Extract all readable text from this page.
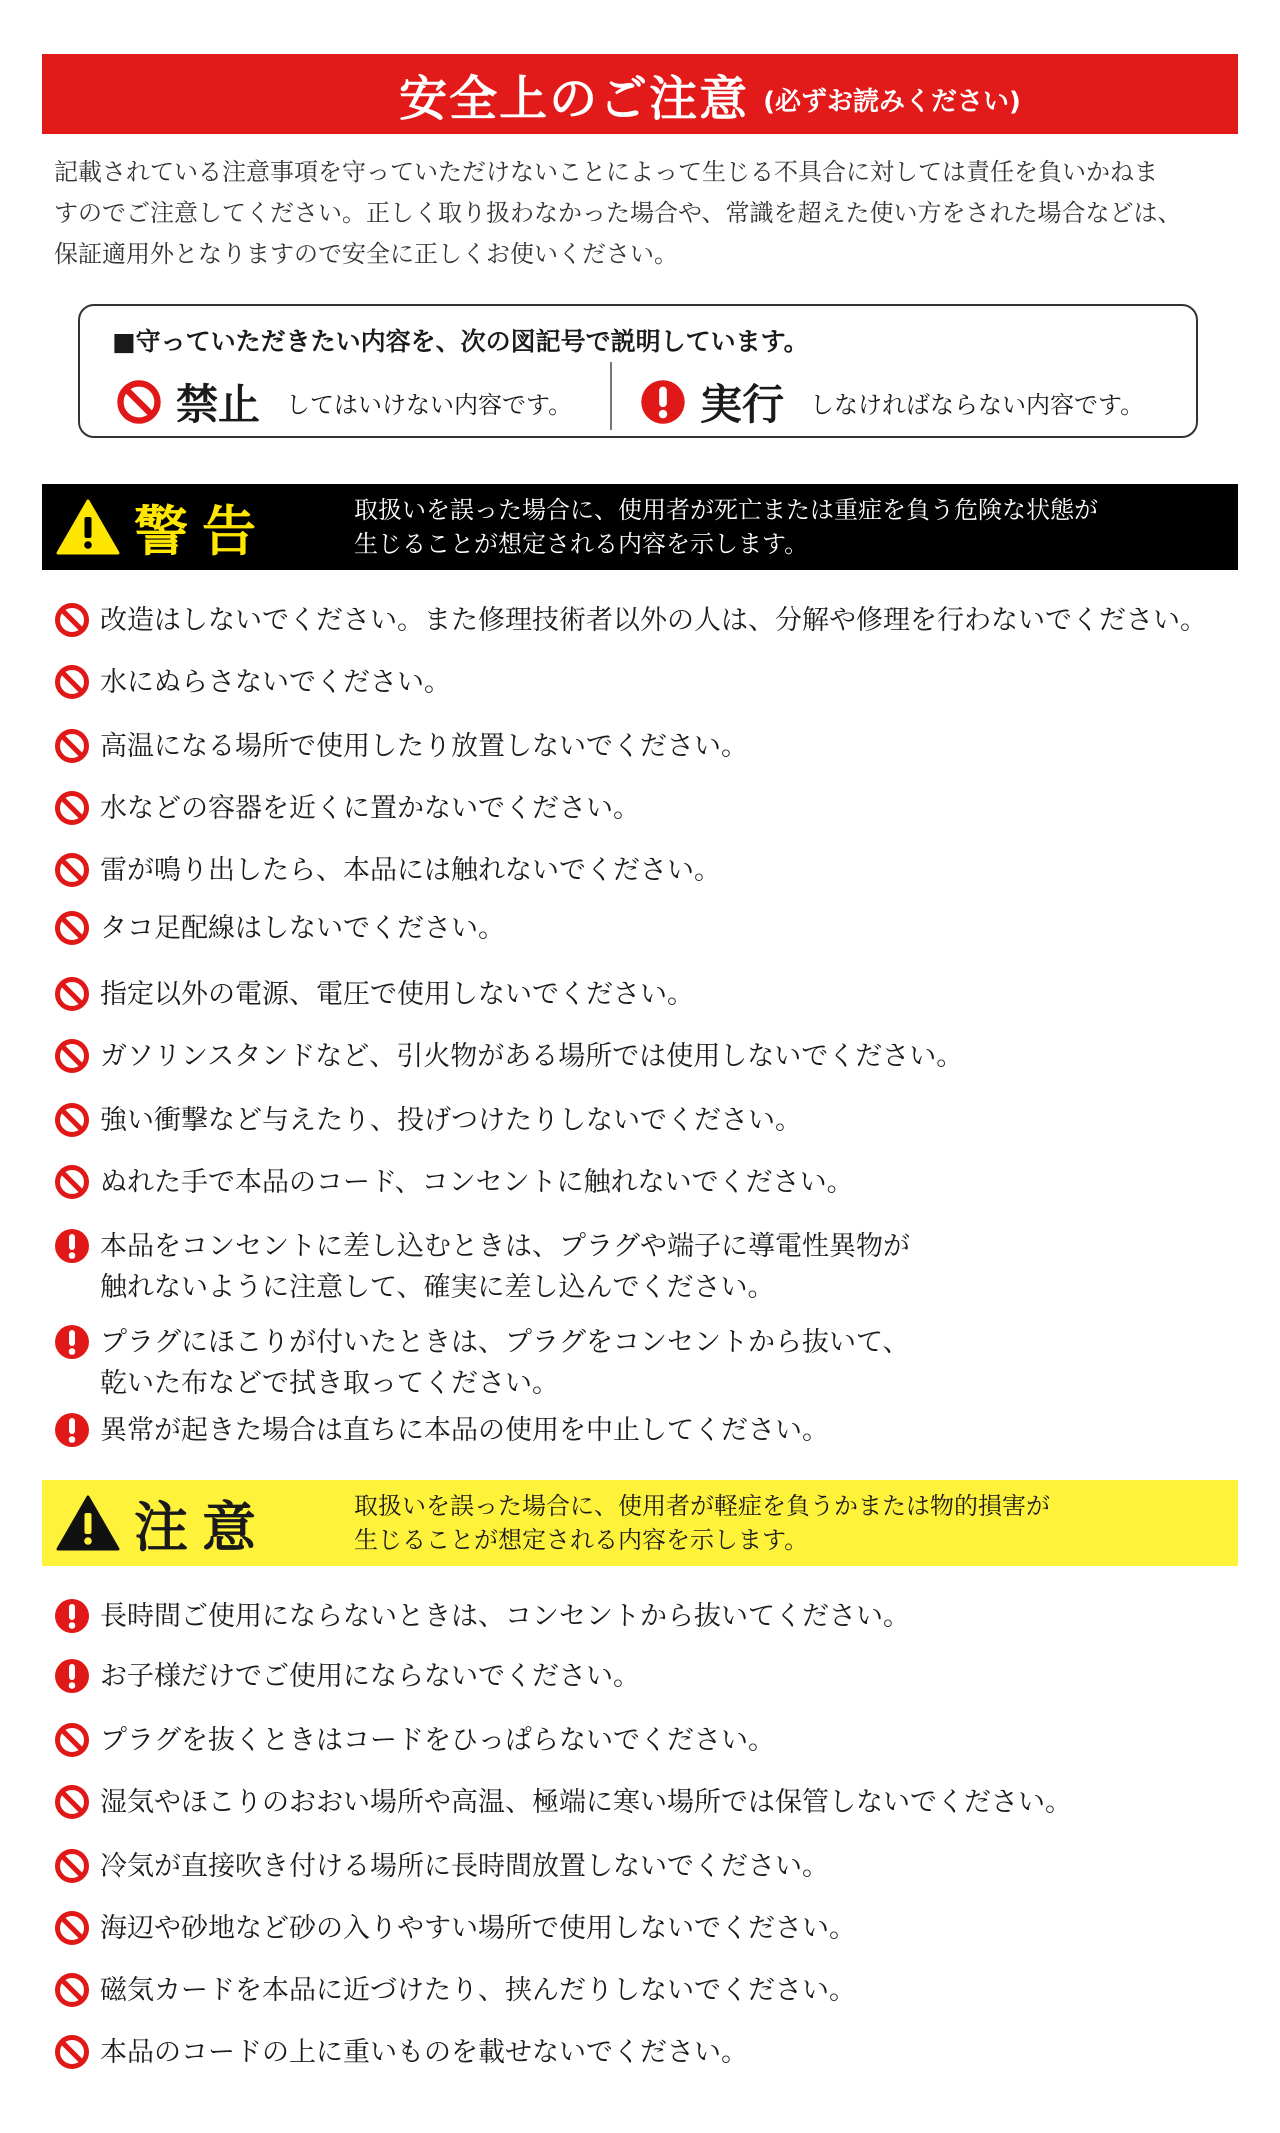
安全上のご注意 (必ずお読みください)
記載されている注意事項を守っていただけないことによって生じる不具合に対しては責任を負いかねま
すのでご注意してください。正しく取り扱わなかった場合や、常識を超えた使い方をされた場合などは、
保証適用外となりますので安全に正しくお使いください。
■守っていただきたい内容を、次の図記号で説明しています。
禁止 してはいけない内容です。	実行 しなければならない内容です。
警告	取扱いを誤った場合に、使用者が死亡または重症を負う危険な状態が
生じることが想定される内容を示します。
改造はしないでください。また修理技術者以外の人は、分解や修理を行わないでください。
水にぬらさないでください。
高温になる場所で使用したり放置しないでください。
水などの容器を近くに置かないでください。
雷が鳴り出したら、本品には触れないでください。
タコ足配線はしないでください。
指定以外の電源、電圧で使用しないでください。
ガソリンスタンドなど、引火物がある場所では使用しないでください。
強い衝撃など与えたり、投げつけたりしないでください。
ぬれた手で本品のコード、コンセントに触れないでください。
本品をコンセントに差し込むときは、プラグや端子に導電性異物が
触れないように注意して、確実に差し込んでください。
プラグにほこりが付いたときは、プラグをコンセントから抜いて、
乾いた布などで拭き取ってください。
異常が起きた場合は直ちに本品の使用を中止してください。
注意	取扱いを誤った場合に、使用者が軽症を負うかまたは物的損害が
生じることが想定される内容を示します。
長時間ご使用にならないときは、コンセントから抜いてください。
お子様だけでご使用にならないでください。
プラグを抜くときはコードをひっぱらないでください。
湿気やほこりのおおい場所や高温、極端に寒い場所では保管しないでください。
冷気が直接吹き付ける場所に長時間放置しないでください。
海辺や砂地など砂の入りやすい場所で使用しないでください。
磁気カードを本品に近づけたり、挟んだりしないでください。
本品のコードの上に重いものを載せないでください。
